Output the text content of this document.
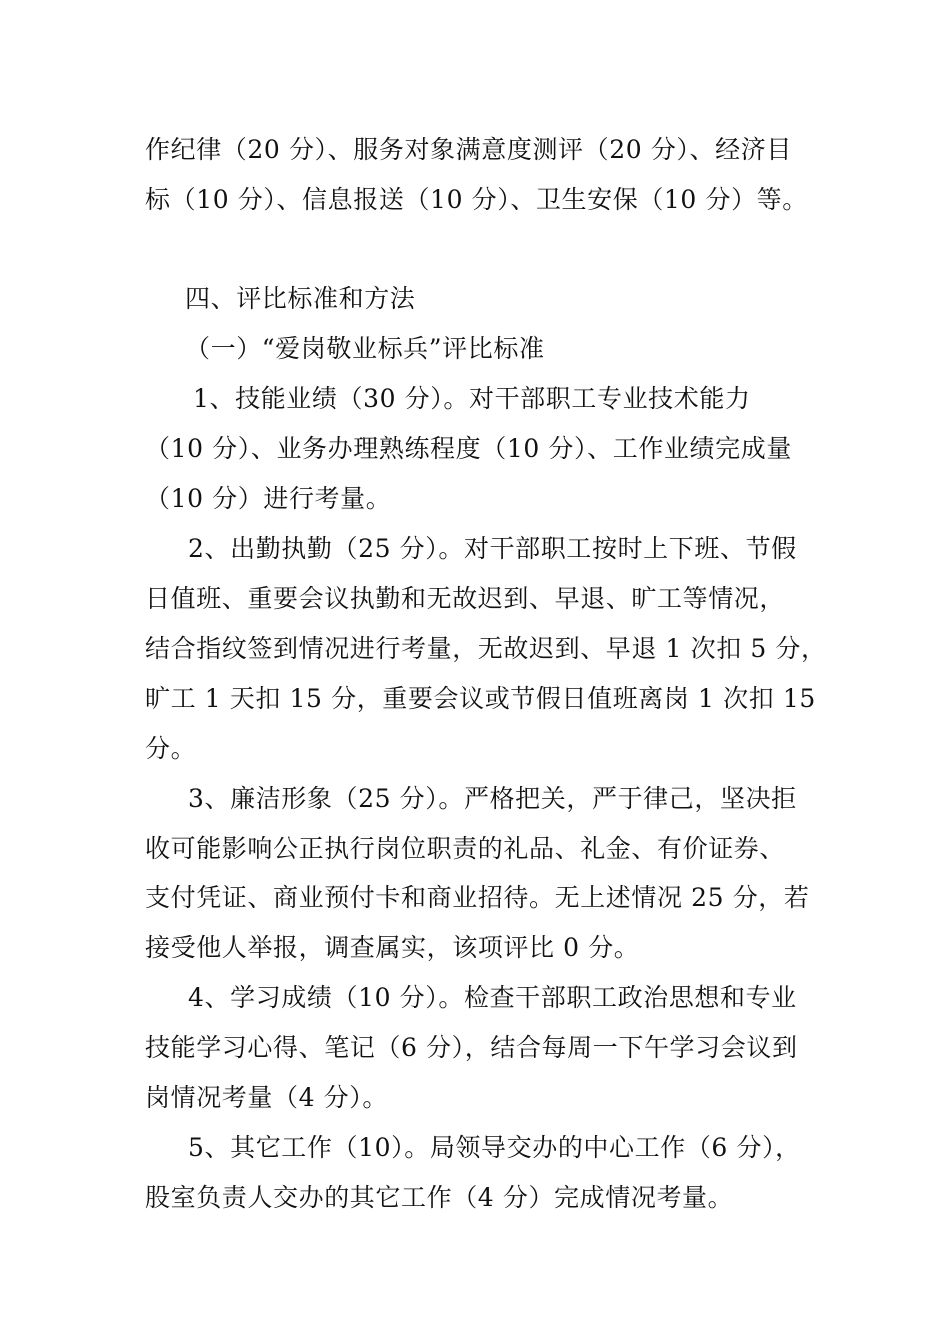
作纪律（20 分）、服务对象满意度测评（20 分）、经济目
标（10 分）、信息报送（10 分）、卫生安保（10 分）等。
四、评比标准和方法
（一）“爱岗敬业标兵”评比标准
1、技能业绩（30 分）。对干部职工专业技术能力
（10 分）、业务办理熟练程度（10 分）、工作业绩完成量
（10 分）进行考量。
2、出勤执勤（25 分）。对干部职工按时上下班、节假
日值班、重要会议执勤和无故迟到、早退、旷工等情况，
结合指纹签到情况进行考量，无故迟到、早退 1 次扣 5 分，
旷工 1 天扣 15 分，重要会议或节假日值班离岗 1 次扣 15
分。
3、廉洁形象（25 分）。严格把关，严于律己，坚决拒
收可能影响公正执行岗位职责的礼品、礼金、有价证券、
支付凭证、商业预付卡和商业招待。无上述情况 25 分，若
接受他人举报，调查属实，该项评比 0 分。
4、学习成绩（10 分）。检查干部职工政治思想和专业
技能学习心得、笔记（6 分），结合每周一下午学习会议到
岗情况考量（4 分）。
5、其它工作（10）。局领导交办的中心工作（6 分），
股室负责人交办的其它工作（4 分）完成情况考量。
